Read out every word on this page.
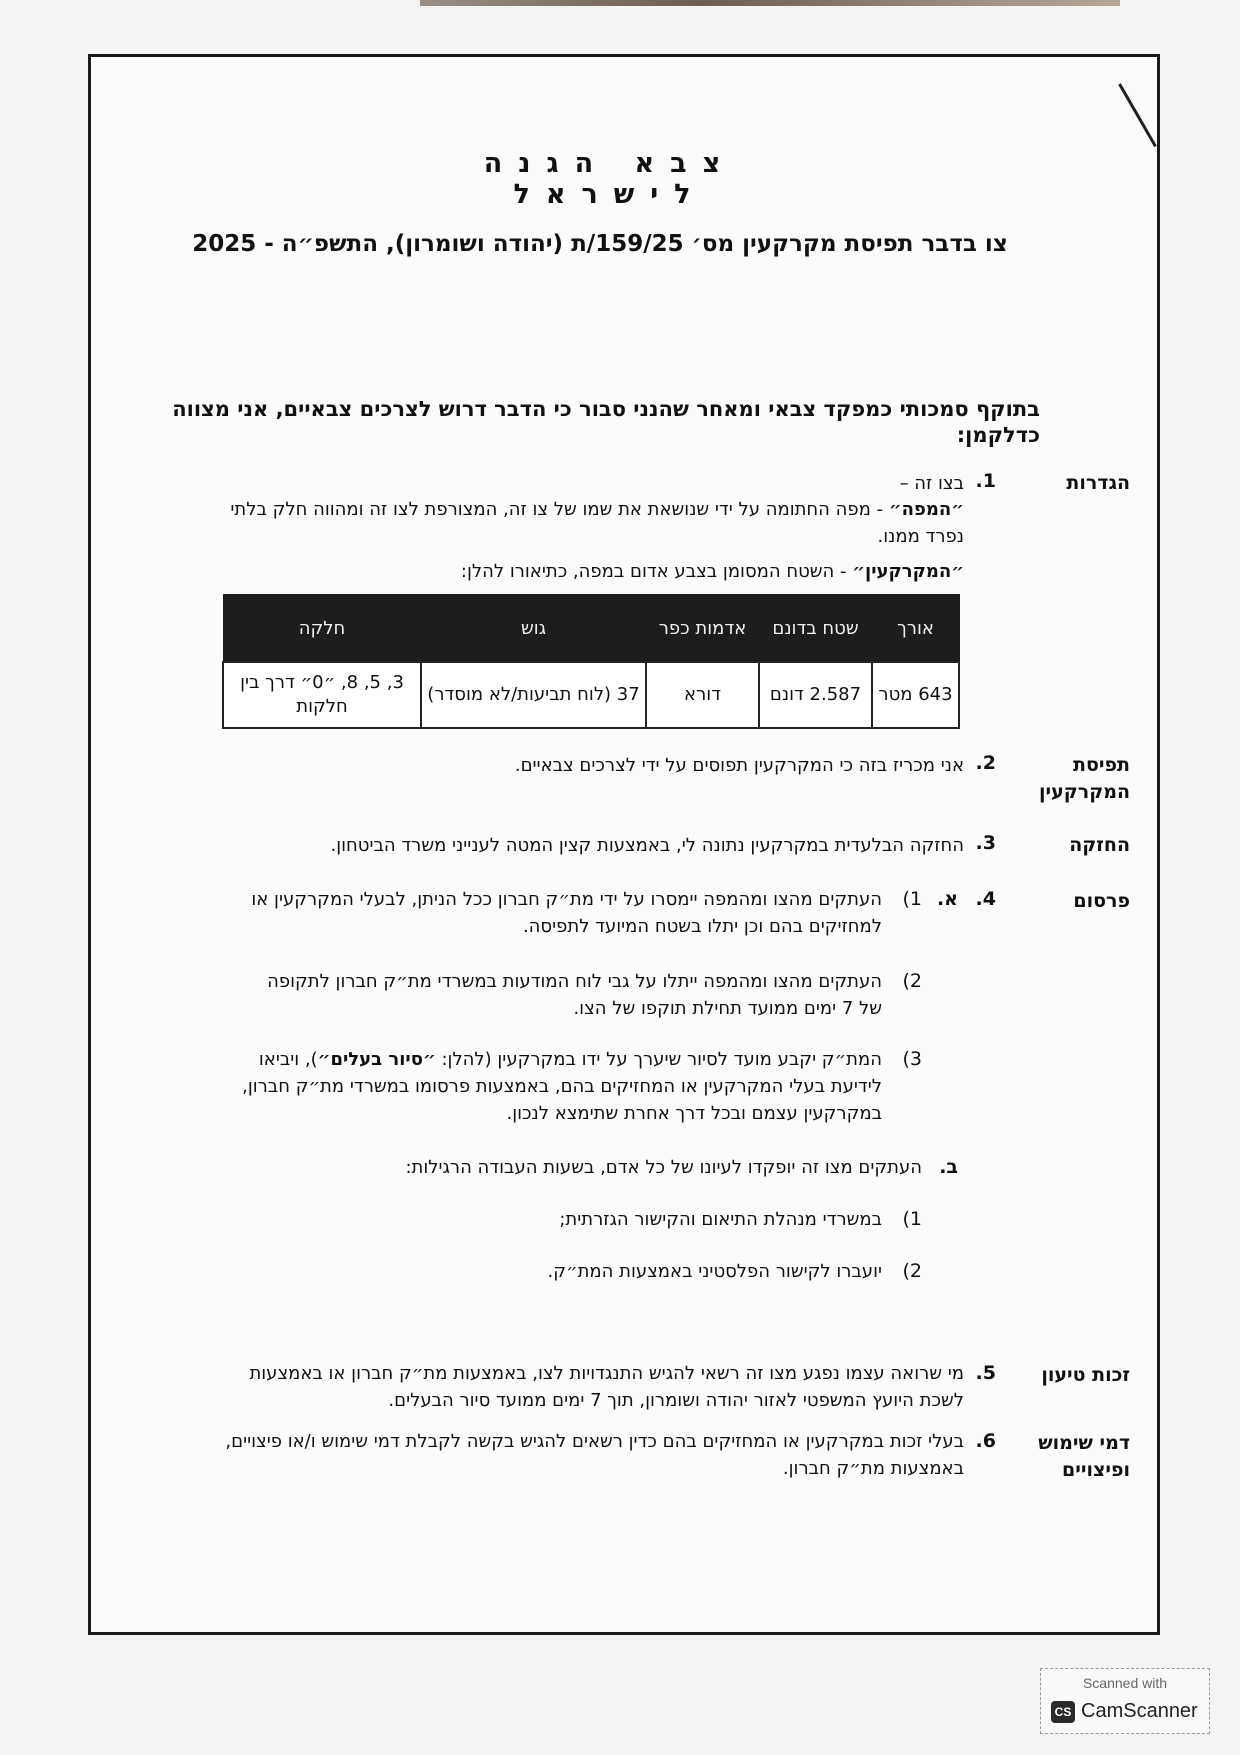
צבא הגנה לישראל
צו בדבר תפיסת מקרקעין מס׳ 159/25/ת (יהודה ושומרון), התשפ״ה - 2025
בתוקף סמכותי כמפקד צבאי ומאחר שהנני סבור כי הדבר דרוש לצרכים צבאיים, אני מצווה כדלקמן:
הגדרות
1.
בצו זה –
״המפה״ - מפה החתומה על ידי שנושאת את שמו של צו זה, המצורפת לצו זה ומהווה חלק בלתי נפרד ממנו.
״המקרקעין״ - השטח המסומן בצבע אדום במפה, כתיאורו להלן:
אורך	שטח בדונם	אדמות כפר	גוש	חלקה
643 מטר	2.587 דונם	דורא	37 (לוח תביעות/לא מוסדר)	3, 5, 8, ״0״ דרך בין חלקות
תפיסת המקרקעין
2.
אני מכריז בזה כי המקרקעין תפוסים על ידי לצרכים צבאיים.
החזקה
3.
החזקה הבלעדית במקרקעין נתונה לי, באמצעות קצין המטה לענייני משרד הביטחון.
פרסום
4.
א.
1)
העתקים מהצו ומהמפה יימסרו על ידי מת״ק חברון ככל הניתן, לבעלי המקרקעין או למחזיקים בהם וכן יתלו בשטח המיועד לתפיסה.
2)
העתקים מהצו ומהמפה ייתלו על גבי לוח המודעות במשרדי מת״ק חברון לתקופה של 7 ימים ממועד תחילת תוקפו של הצו.
3)
המת״ק יקבע מועד לסיור שיערך על ידו במקרקעין (להלן: ״סיור בעלים״), ויביאו לידיעת בעלי המקרקעין או המחזיקים בהם, באמצעות פרסומו במשרדי מת״ק חברון, במקרקעין עצמם ובכל דרך אחרת שתימצא לנכון.
ב.
העתקים מצו זה יופקדו לעיונו של כל אדם, בשעות העבודה הרגילות:
1)
במשרדי מנהלת התיאום והקישור הגזרתית;
2)
יועברו לקישור הפלסטיני באמצעות המת״ק.
זכות טיעון
5.
מי שרואה עצמו נפגע מצו זה רשאי להגיש התנגדויות לצו, באמצעות מת״ק חברון או באמצעות לשכת היועץ המשפטי לאזור יהודה ושומרון, תוך 7 ימים ממועד סיור הבעלים.
דמי שימוש ופיצויים
6.
בעלי זכות במקרקעין או המחזיקים בהם כדין רשאים להגיש בקשה לקבלת דמי שימוש ו/או פיצויים, באמצעות מת״ק חברון.
Scanned with
CS CamScanner
